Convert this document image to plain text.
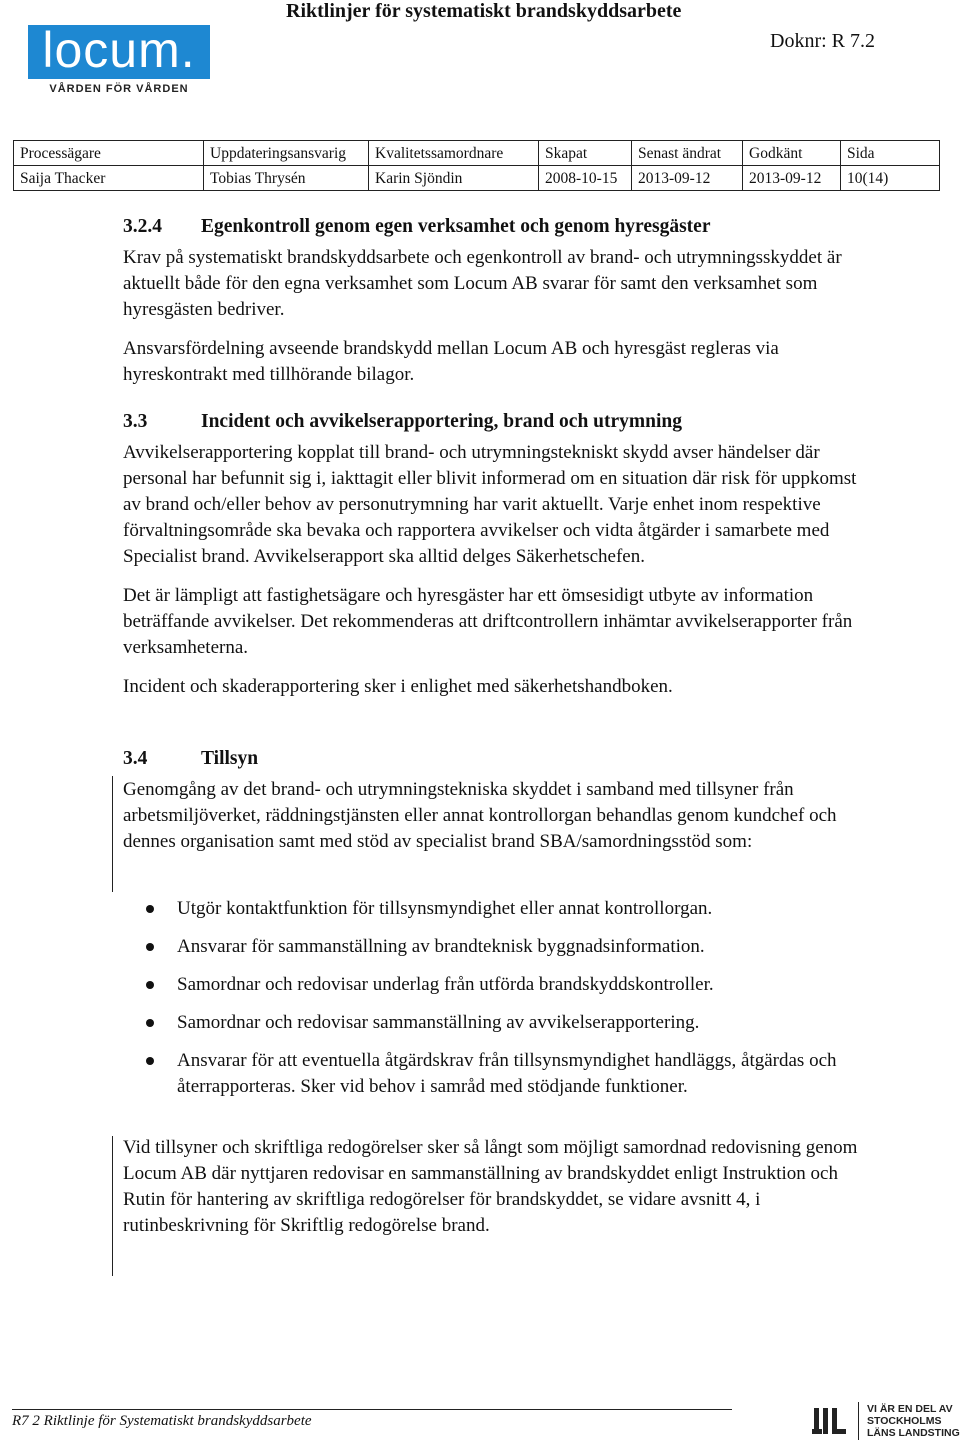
locum.
VÅRDEN FÖR VÅRDEN
Riktlinjer för systematiskt brandskyddsarbete
Doknr: R 7.2
Processägare	Uppdateringsansvarig	Kvalitetssamordnare	Skapat	Senast ändrat	Godkänt	Sida
Saija Thacker	Tobias Thrysén	Karin Sjöndin	2008-10-15	2013-09-12	2013-09-12	10(14)
3.2.4 Egenkontroll genom egen verksamhet och genom hyresgäster

Krav på systematiskt brandskyddsarbete och egenkontroll av brand- och utrymningsskyddet är aktuellt både för den egna verksamhet som Locum AB svarar för samt den verksamhet som hyresgästen bedriver.

Ansvarsfördelning avseende brandskydd mellan Locum AB och hyresgäst regleras via hyreskontrakt med tillhörande bilagor.

3.3	Incident och avvikelserapportering, brand och utrymning

Avvikelserapportering kopplat till brand- och utrymningstekniskt skydd avser händelser där personal har befunnit sig i, iakttagit eller blivit informerad om en situation där risk för uppkomst av brand och/eller behov av personutrymning har varit aktuellt. Varje enhet inom respektive förvaltningsområde ska bevaka och rapportera avvikelser och vidta åtgärder i samarbete med Specialist brand. Avvikelserapport ska alltid delges Säkerhetschefen.

Det är lämpligt att fastighetsägare och hyresgäster har ett ömsesidigt utbyte av information beträffande avvikelser. Det rekommenderas att driftcontrollern inhämtar avvikelserapporter från verksamheterna.

Incident och skaderapportering sker i enlighet med säkerhetshandboken.

3.4	Tillsyn

Genomgång av det brand- och utrymningstekniska skyddet i samband med tillsyner från arbetsmiljöverket, räddningstjänsten eller annat kontrollorgan behandlas genom kundchef och dennes organisation samt med stöd av specialist brand SBA/samordningsstöd som:

Utgör kontaktfunktion för tillsynsmyndighet eller annat kontrollorgan.
Ansvarar för sammanställning av brandteknisk byggnadsinformation.
Samordnar och redovisar underlag från utförda brandskyddskontroller.
Samordnar och redovisar sammanställning av avvikelserapportering.
Ansvarar för att eventuella åtgärdskrav från tillsynsmyndighet handläggs, åtgärdas och återrapporteras. Sker vid behov i samråd med stödjande funktioner.

Vid tillsyner och skriftliga redogörelser sker så långt som möjligt samordnad redovisning genom Locum AB där nyttjaren redovisar en sammanställning av brandskyddet enligt Instruktion och Rutin för hantering av skriftliga redogörelser för brandskyddet, se vidare avsnitt 4, i rutinbeskrivning för Skriftlig redogörelse brand.

R7 2 Riktlinje för Systematiskt brandskyddsarbete
VI ÄR EN DEL AV
STOCKHOLMS
LÄNS LANDSTING
